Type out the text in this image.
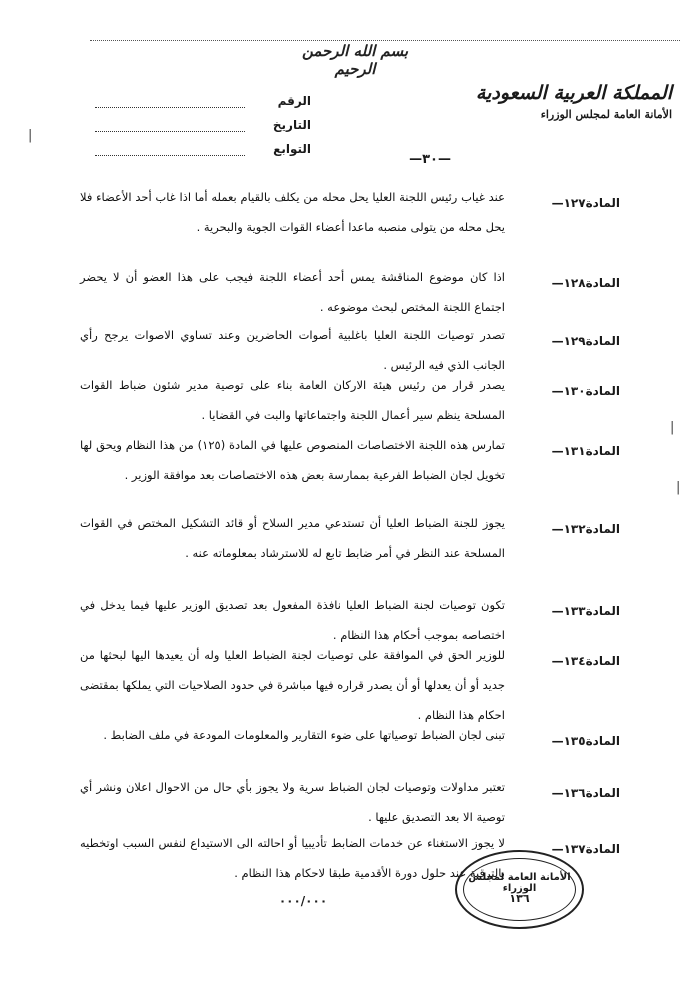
بسم الله الرحمن الرحيم
الرقم
التاريخ
التوابع
المملكة العربية السعودية
الأمانة العامة لمجلس الوزراء
—٣٠—
عند غياب رئيس اللجنة العليا يحل محله من يكلف بالقيام بعمله أما اذا غاب أحد الأعضاء فلا يحل محله من يتولى منصبه ماعدا أعضاء القوات الجوية والبحرية .
المادة١٢٧—
اذا كان موضوع المناقشة يمس أحد أعضاء اللجنة فيجب على هذا العضو أن لا يحضر اجتماع اللجنة المختص لبحث موضوعه .
المادة١٢٨—
تصدر توصيات اللجنة العليا باغلبية أصوات الحاضرين وعند تساوي الاصوات يرجح رأي الجانب الذي فيه الرئيس .
المادة١٢٩—
يصدر قرار من رئيس هيئة الاركان العامة بناء على توصية مدير شئون ضباط القوات المسلحة ينظم سير أعمال اللجنة واجتماعاتها والبت في القضايا .
المادة١٣٠—
تمارس هذه اللجنة الاختصاصات المنصوص عليها في المادة (١٢٥) من هذا النظام ويحق لها تخويل لجان الضباط الفرعية بممارسة بعض هذه الاختصاصات بعد موافقة الوزير .
المادة١٣١—
يجوز للجنة الضباط العليا أن تستدعي مدير السلاح أو قائد التشكيل المختص في القوات المسلحة عند النظر في أمر ضابط تابع له للاسترشاد بمعلوماته عنه .
المادة١٣٢—
تكون توصيات لجنة الضباط العليا نافذة المفعول بعد تصديق الوزير عليها فيما يدخل في اختصاصه بموجب أحكام هذا النظام .
المادة١٣٣—
للوزير الحق في الموافقة على توصيات لجنة الضباط العليا وله أن يعيدها اليها لبحثها من جديد أو أن يعدلها أو أن يصدر قراره فيها مباشرة في حدود الصلاحيات التي يملكها بمقتضى احكام هذا النظام .
المادة١٣٤—
تبنى لجان الضباط توصياتها على ضوء التقارير والمعلومات المودعة في ملف الضابط .	المادة١٣٥—
تعتبر مداولات وتوصيات لجان الضباط سرية ولا يجوز بأي حال من الاحوال اعلان ونشر أي توصية الا بعد التصديق عليها .
المادة١٣٦—
لا يجوز الاستغناء عن خدمات الضابط تأديبيا أو احالته الى الاستيداع لنفس السبب اوتخطيه بالترقية عند حلول دورة الأقدمية طبقا لاحكام هذا النظام .
المادة١٣٧—
٠٠٠/٠٠٠
الأمانة العامة لمجلس الوزراء
١٣٦
|
|
|
